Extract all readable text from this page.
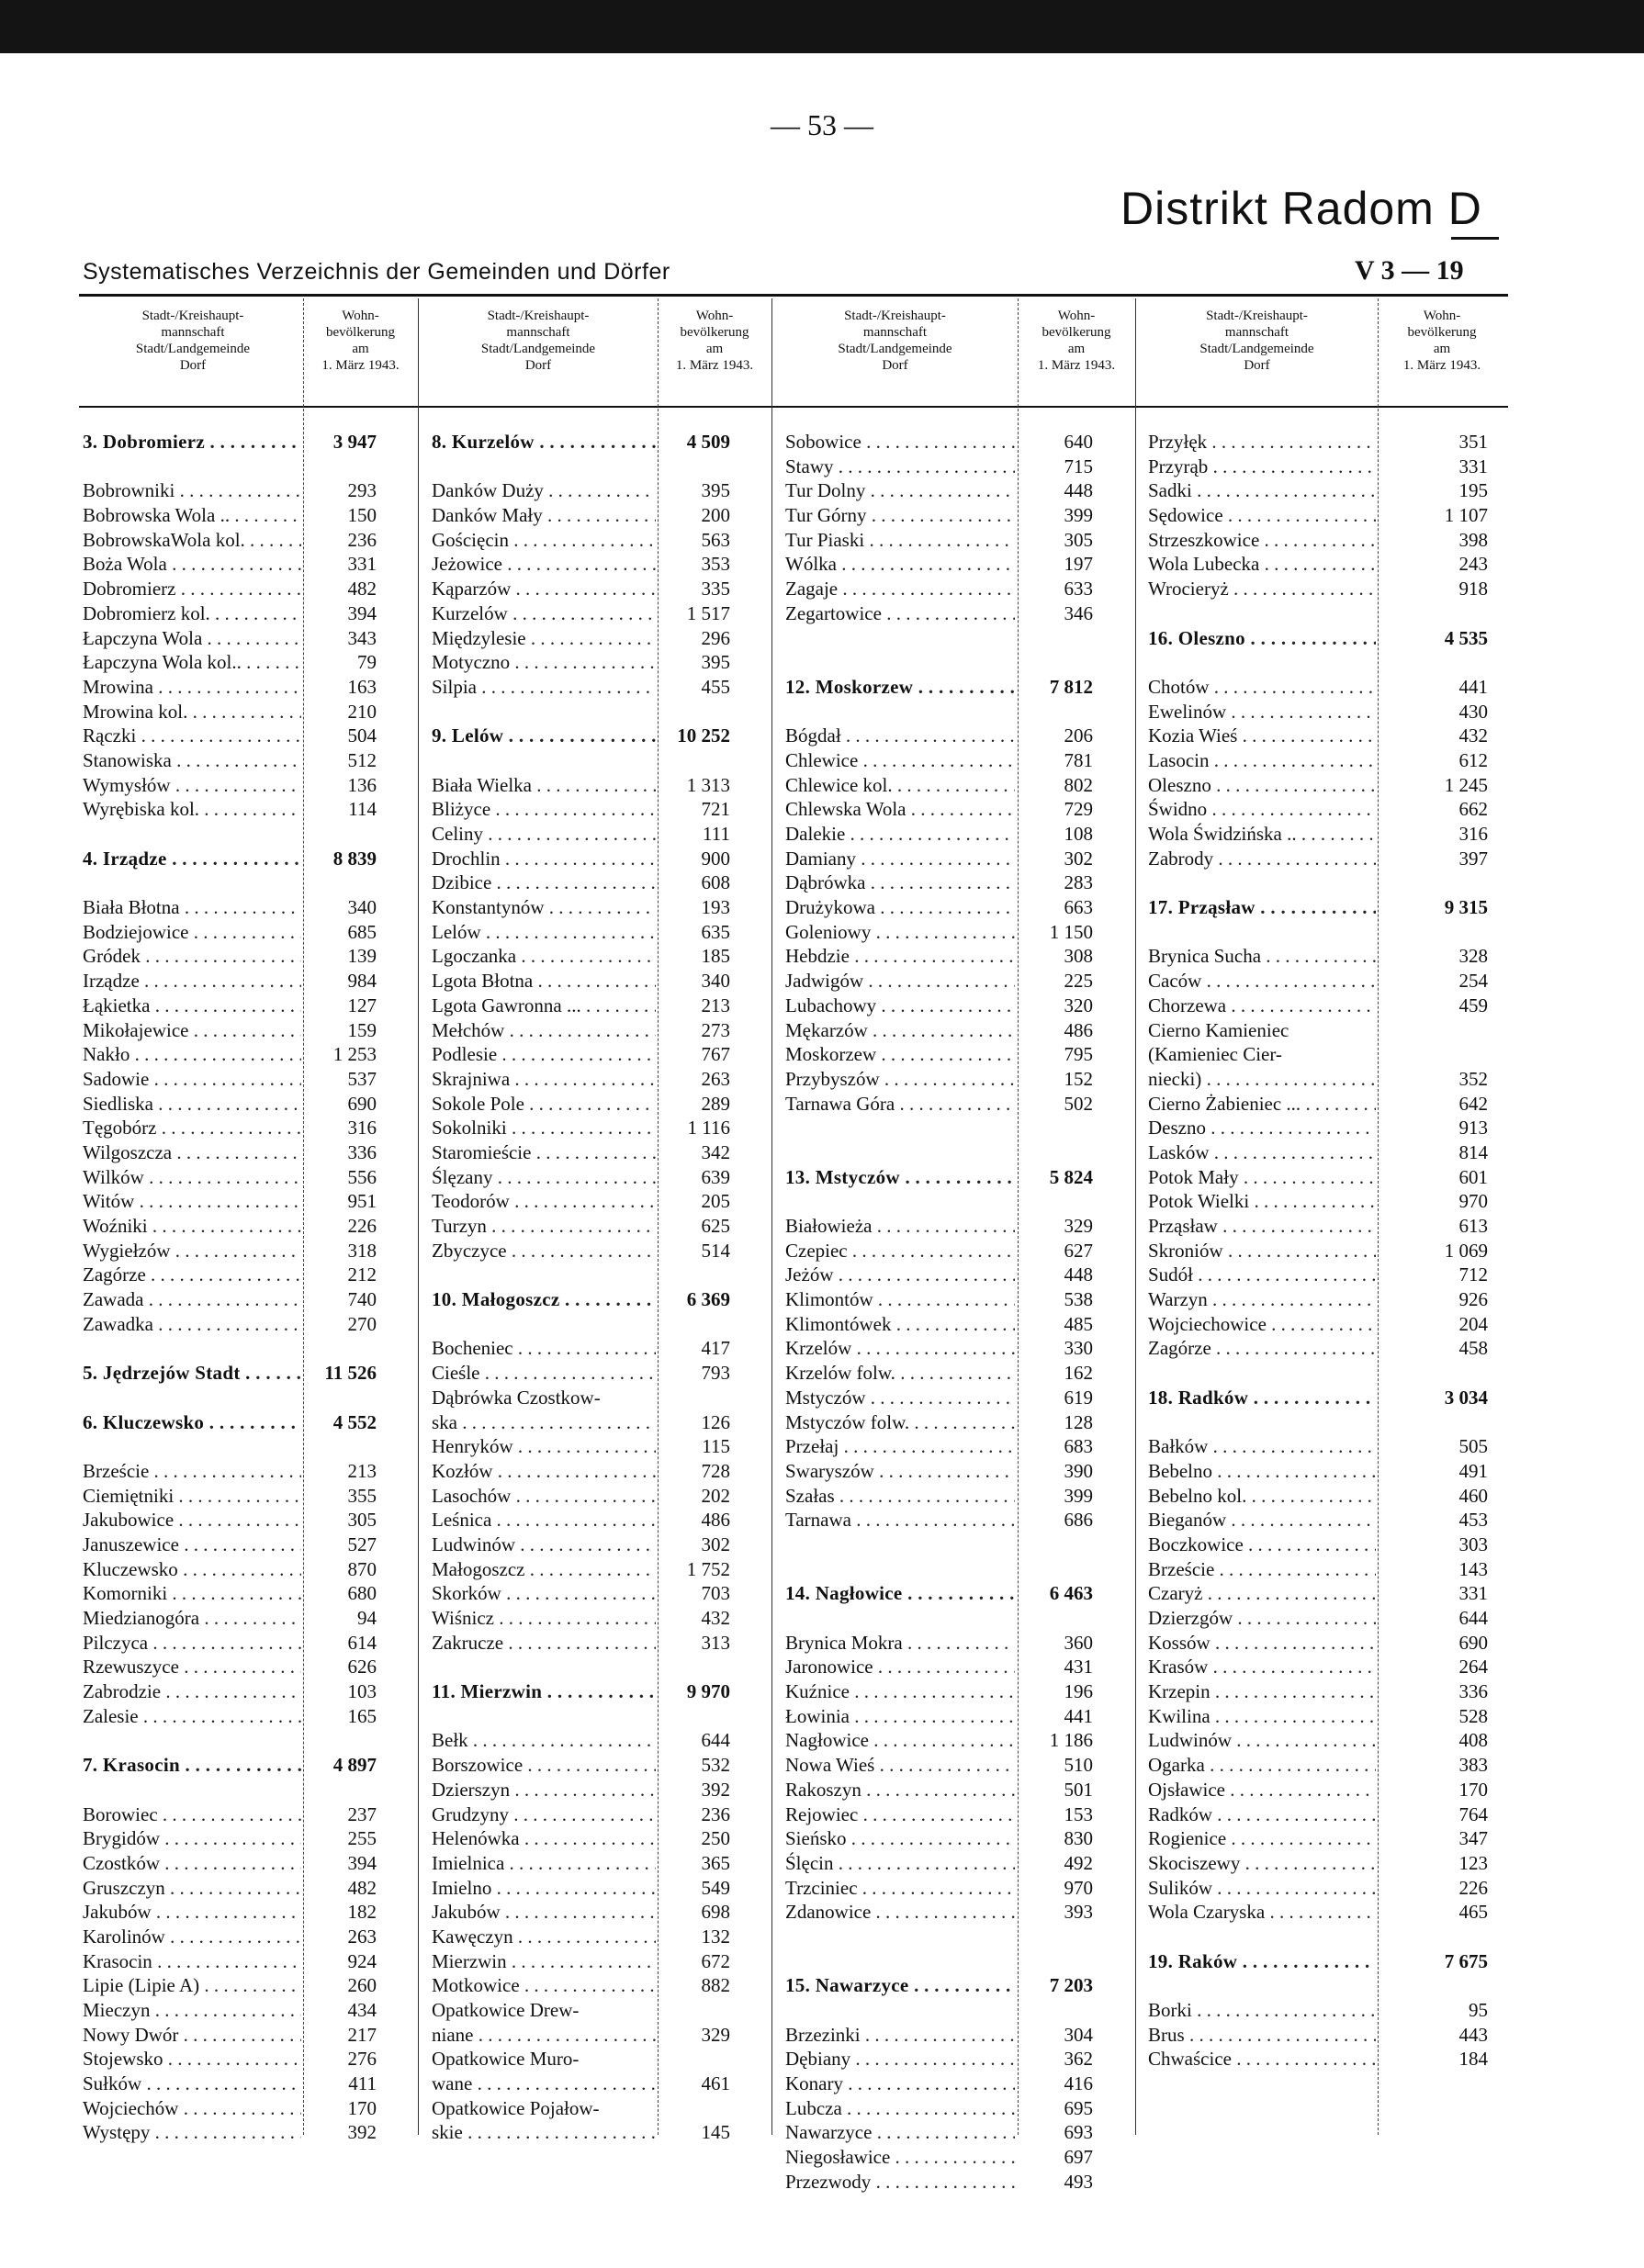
— 53 —
Distrikt Radom D
Systematisches Verzeichnis der Gemeinden und Dörfer	V 3 — 19
Stadt-/Kreishaupt-
mannschaft
Stadt/Landgemeinde
Dorf
Wohn-
bevölkerung
am
1. März 1943.
Stadt-/Kreishaupt-
mannschaft
Stadt/Landgemeinde
Dorf
Wohn-
bevölkerung
am
1. März 1943.
Stadt-/Kreishaupt-
mannschaft
Stadt/Landgemeinde
Dorf
Wohn-
bevölkerung
am
1. März 1943.
Stadt-/Kreishaupt-
mannschaft
Stadt/Landgemeinde
Dorf
Wohn-
bevölkerung
am
1. März 1943.
3. Dobromierz . . .	3 947
Bobrowniki . . .	293
Bobrowska Wola .. . . .	150
BobrowskaWola kol. . . .	236
Boża Wola . . .	331
Dobromierz . . .	482
Dobromierz kol. . . .	394
Łapczyna Wola . . .	343
Łapczyna Wola kol.. . . .	79
Mrowina . . .	163
Mrowina kol. . . .	210
Rączki . . .	504
Stanowiska . . .	512
Wymysłów . . .	136
Wyrębiska kol. . . .	114
4. Irządze . . .	8 839
Biała Błotna . . .	340
Bodziejowice . . .	685
Gródek . . .	139
Irządze . . .	984
Łąkietka . . .	127
Mikołajewice . . .	159
Nakło . . .	1 253
Sadowie . . .	537
Siedliska . . .	690
Tęgobórz . . .	316
Wilgoszcza . . .	336
Wilków . . .	556
Witów . . .	951
Woźniki . . .	226
Wygiełzów . . .	318
Zagórze . . .	212
Zawada . . .	740
Zawadka . . .	270
5. Jędrzejów Stadt . . . .	11 526
6. Kluczewsko . . .	4 552
Brzeście . . .	213
Ciemiętniki . . .	355
Jakubowice . . .	305
Januszewice . . .	527
Kluczewsko . . .	870
Komorniki . . .	680
Miedzianogóra . . .	94
Pilczyca . . .	614
Rzewuszyce . . .	626
Zabrodzie . . .	103
Zalesie . . .	165
7. Krasocin . . .	4 897
Borowiec . . .	237
Brygidów . . .	255
Czostków . . .	394
Gruszczyn . . .	482
Jakubów . . .	182
Karolinów . . .	263
Krasocin . . .	924
Lipie (Lipie A) . . .	260
Mieczyn . . .	434
Nowy Dwór . . .	217
Stojewsko . . .	276
Sułków . . .	411
Wojciechów . . .	170
Występy . . .	392
8. Kurzelów . . .	4 509
Danków Duży . . .	395
Danków Mały . . .	200
Gościęcin . . .	563
Jeżowice . . .	353
Kąparzów . . .	335
Kurzelów . . .	1 517
Międzylesie . . .	296
Motyczno . . .	395
Silpia . . .	455
9. Lelów . . .	10 252
Biała Wielka . . .	1 313
Bliżyce . . .	721
Celiny . . .	111
Drochlin . . .	900
Dzibice . . .	608
Konstantynów . . .	193
Lelów . . .	635
Lgoczanka . . .	185
Lgota Błotna . . .	340
Lgota Gawronna ... . . .	213
Mełchów . . .	273
Podlesie . . .	767
Skrajniwa . . .	263
Sokole Pole . . .	289
Sokolniki . . .	1 116
Staromieście . . .	342
Ślęzany . . .	639
Teodorów . . .	205
Turzyn . . .	625
Zbyczyce . . .	514
10. Małogoszcz . . .	6 369
Bocheniec . . .	417
Cieśle . . .	793
Dąbrówka Czostkow-
ska . . .	126
Henryków . . .	115
Kozłów . . .	728
Lasochów . . .	202
Leśnica . . .	486
Ludwinów . . .	302
Małogoszcz . . .	1 752
Skorków . . .	703
Wiśnicz . . .	432
Zakrucze . . .	313
11. Mierzwin . . .	9 970
Bełk . . .	644
Borszowice . . .	532
Dzierszyn . . .	392
Grudzyny . . .	236
Helenówka . . .	250
Imielnica . . .	365
Imielno . . .	549
Jakubów . . .	698
Kawęczyn . . .	132
Mierzwin . . .	672
Motkowice . . .	882
Opatkowice Drew-
niane . . .	329
Opatkowice Muro-
wane . . .	461
Opatkowice Pojałow-
skie . . .	145
Sobowice . . .	640
Stawy . . .	715
Tur Dolny . . .	448
Tur Górny . . .	399
Tur Piaski . . .	305
Wólka . . .	197
Zagaje . . .	633
Zegartowice . . .	346
12. Moskorzew . . .	7 812
Bógdał . . .	206
Chlewice . . .	781
Chlewice kol. . . .	802
Chlewska Wola . . .	729
Dalekie . . .	108
Damiany . . .	302
Dąbrówka . . .	283
Drużykowa . . .	663
Goleniowy . . .	1 150
Hebdzie . . .	308
Jadwigów . . .	225
Lubachowy . . .	320
Mękarzów . . .	486
Moskorzew . . .	795
Przybyszów . . .	152
Tarnawa Góra . . .	502
13. Mstyczów . . .	5 824
Białowieża . . .	329
Czepiec . . .	627
Jeżów . . .	448
Klimontów . . .	538
Klimontówek . . .	485
Krzelów . . .	330
Krzelów folw. . . .	162
Mstyczów . . .	619
Mstyczów folw. . . .	128
Przełaj . . .	683
Swaryszów . . .	390
Szałas . . .	399
Tarnawa . . .	686
14. Nagłowice . . .	6 463
Brynica Mokra . . .	360
Jaronowice . . .	431
Kuźnice . . .	196
Łowinia . . .	441
Nagłowice . . .	1 186
Nowa Wieś . . .	510
Rakoszyn . . .	501
Rejowiec . . .	153
Sieńsko . . .	830
Ślęcin . . .	492
Trzciniec . . .	970
Zdanowice . . .	393
15. Nawarzyce . . .	7 203
Brzezinki . . .	304
Dębiany . . .	362
Konary . . .	416
Lubcza . . .	695
Nawarzyce . . .	693
Niegosławice . . .	697
Przezwody . . .	493
Przyłęk . . .	351
Przyrąb . . .	331
Sadki . . .	195
Sędowice . . .	1 107
Strzeszkowice . . .	398
Wola Lubecka . . .	243
Wrocieryż . . .	918
16. Oleszno . . .	4 535
Chotów . . .	441
Ewelinów . . .	430
Kozia Wieś . . .	432
Lasocin . . .	612
Oleszno . . .	1 245
Świdno . . .	662
Wola Świdzińska .. . . .	316
Zabrody . . .	397
17. Prząsław . . .	9 315
Brynica Sucha . . .	328
Caców . . .	254
Chorzewa . . .	459
Cierno Kamieniec
(Kamieniec Cier-
niecki) . . .	352
Cierno Żabieniec ... . . .	642
Deszno . . .	913
Lasków . . .	814
Potok Mały . . .	601
Potok Wielki . . .	970
Prząsław . . .	613
Skroniów . . .	1 069
Sudół . . .	712
Warzyn . . .	926
Wojciechowice . . .	204
Zagórze . . .	458
18. Radków . . .	3 034
Bałków . . .	505
Bebelno . . .	491
Bebelno kol. . . .	460
Bieganów . . .	453
Boczkowice . . .	303
Brzeście . . .	143
Czaryż . . .	331
Dzierzgów . . .	644
Kossów . . .	690
Krasów . . .	264
Krzepin . . .	336
Kwilina . . .	528
Ludwinów . . .	408
Ogarka . . .	383
Ojsławice . . .	170
Radków . . .	764
Rogienice . . .	347
Skociszewy . . .	123
Sulików . . .	226
Wola Czaryska . . .	465
19. Raków . . .	7 675
Borki . . .	95
Brus . . .	443
Chwaścice . . .	184
